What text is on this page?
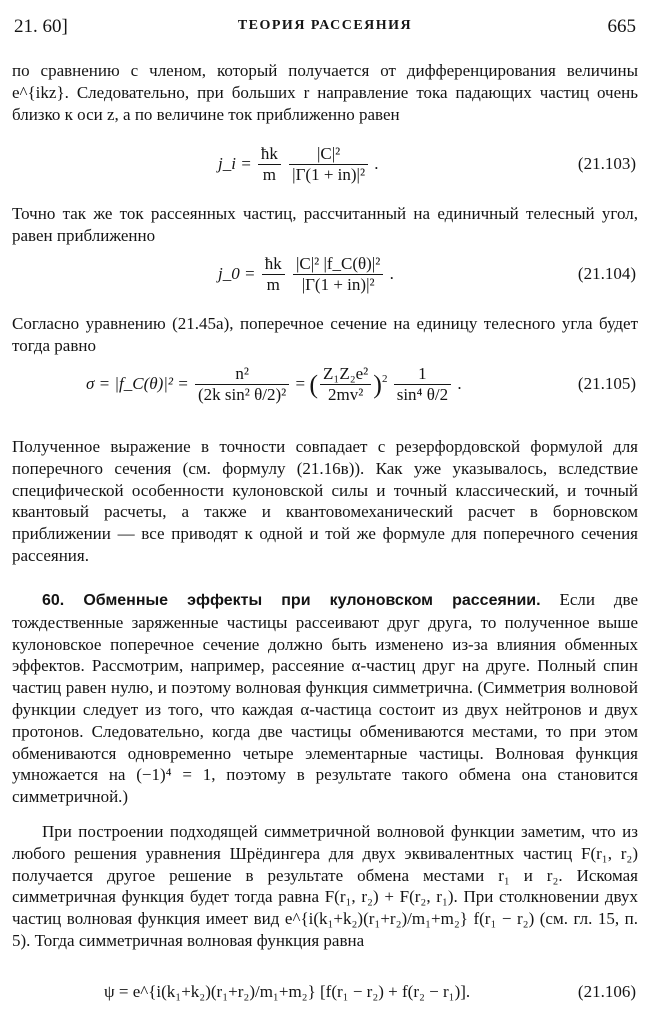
21. 60]	ТЕОРИЯ РАССЕЯНИЯ	665

по сравнению с членом, который получается от дифференцирования величины e^{ikz}. Следовательно, при больших r направление тока падающих частиц очень близко к оси z, а по величине ток приближенно равен

j_i = $\frac{ħk}{m}$
$\frac{\text{|C|²}}{\text{|Γ(1 + in)|²}}$ .	(21.103)

Точно так же ток рассеянных частиц, рассчитанный на единичный телесный угол, равен приближенно

j_0 = $\frac{ħk}{m}$
$\frac{\text{|C|² |f\_C(θ)|²}}{\text{|Γ(1 + in)|²}}$ .	(21.104)

Согласно уравнению (21.45а), поперечное сечение на единицу телесного угла будет тогда равно

σ = |f_C(θ)|² = $\frac{\text{n²}}{\text{(2k sin² θ/2)²}}$ = ( $\frac{\text{Z₁Z₂e²}}{\text{2mv²}} )^2 \frac{1}{\text{sin⁴ θ/2}}$ .	(21.105)

Полученное выражение в точности совпадает с резерфордовской формулой для поперечного сечения (см. формулу (21.16в)). Как уже указывалось, вследствие специфической особенности кулоновской силы и точный классический, и точный квантовый расчеты, а также и квантовомеханический расчет в борновском приближении — все приводят к одной и той же формуле для поперечного сечения рассеяния.

60. Обменные эффекты при кулоновском рассеянии. Если две тождественные заряженные частицы рассеивают друг друга, то полученное выше кулоновское поперечное сечение должно быть изменено из-за влияния обменных эффектов. Рассмотрим, например, рассеяние α-частиц друг на друге. Полный спин частиц равен нулю, и поэтому волновая функция симметрична. (Симметрия волновой функции следует из того, что каждая α-частица состоит из двух нейтронов и двух протонов. Следовательно, когда две частицы обмениваются местами, то при этом обмениваются одновременно четыре элементарные частицы. Волновая функция умножается на (−1)⁴ = 1, поэтому в результате такого обмена она становится симметричной.)

При построении подходящей симметричной волновой функции заметим, что из любого решения уравнения Шрёдингера для двух эквивалентных частиц F(r₁, r₂) получается другое решение в результате обмена местами r₁ и r₂. Искомая симметричная функция будет тогда равна F(r₁, r₂) + F(r₂, r₁). При столкновении двух частиц волновая функция имеет вид e^{i(k₁+k₂)(r₁+r₂)/m₁+m₂} f(r₁ − r₂) (см. гл. 15, п. 5). Тогда симметричная волновая функция равна

ψ = e^{i(k₁+k₂)(r₁+r₂)/m₁+m₂} [f(r₁ − r₂) + f(r₂ − r₁)].	(21.106)
